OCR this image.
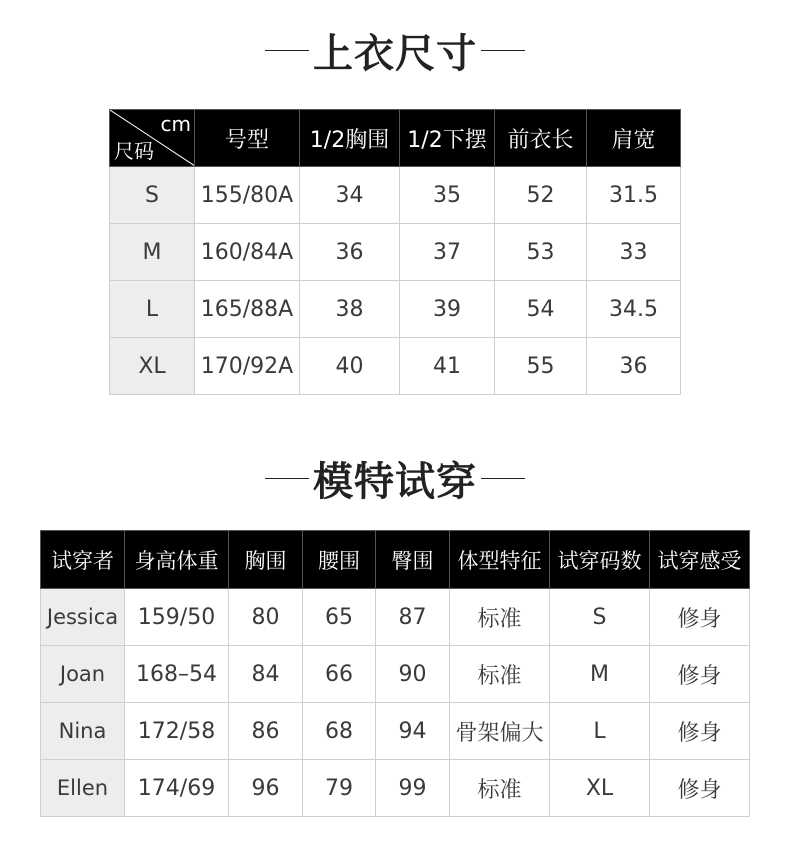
上衣尺寸
cm
尺码	号型	1/2胸围	1/2下摆	前衣长	肩宽
S	155/80A	34	35	52	31.5
M	160/84A	36	37	53	33
L	165/88A	38	39	54	34.5
XL	170/92A	40	41	55	36
模特试穿
试穿者	身高体重	胸围	腰围	臀围	体型特征	试穿码数	试穿感受
Jessica	159/50	80	65	87	标准	S	修身
Joan	168–54	84	66	90	标准	M	修身
Nina	172/58	86	68	94	骨架偏大	L	修身
Ellen	174/69	96	79	99	标准	XL	修身
